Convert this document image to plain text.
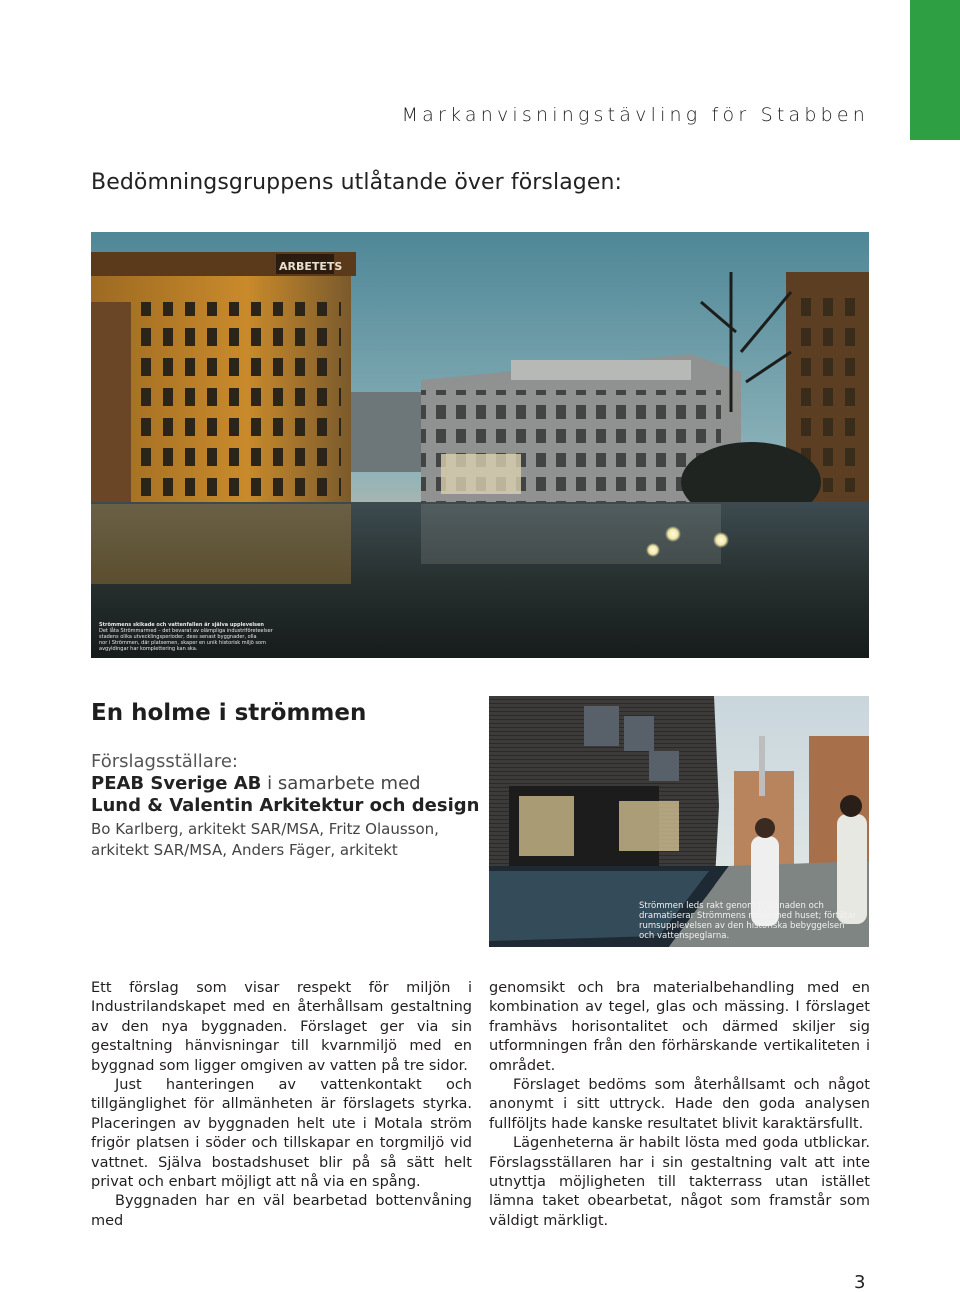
Markanvisningstävling för Stabben
Bedömningsgruppens utlåtande över förslagen:
ARBETETS
Strömmens skikade och vattenfallen är själva upplevelsen
Det låta Strömmarmed – det bevarat av olämpliga industriföreteelser
stadens olika utvecklingsperioder, dess senast byggnader, olla
nor i Strömmen, där platsemen, skaper en unik historisk miljö som
avgyldingar har komplettering kan ska.
En holme i strömmen
Förslagsställare:
PEAB Sverige AB i samarbete med
Lund & Valentin Arkitektur och design
Bo Karlberg, arkitekt SAR/MSA, Fritz Olausson, arkitekt SAR/MSA, Anders Fäger, arkitekt
Strömmen leds rakt genom byggnaden och
dramatiserar Strömmens möte med huset; förtätar
rumsupplevelsen av den historiska bebyggelsen
och vattenspeglarna.

Ett förslag som visar respekt för miljön i Industrilandskapet med en återhållsam gestaltning av den nya byggnaden. Förslaget ger via sin gestaltning hänvisningar till kvarnmiljö med en byggnad som ligger omgiven av vatten på tre sidor.

Just hanteringen av vattenkontakt och tillgänglighet för allmänheten är förslagets styrka. Placeringen av byggnaden helt ute i Motala ström frigör platsen i söder och tillskapar en torgmiljö vid vattnet. Själva bostadshuset blir på så sätt helt privat och enbart möjligt att nå via en spång.

Byggnaden har en väl bearbetad bottenvåning med

genomsikt och bra materialbehandling med en kombination av tegel, glas och mässing. I förslaget framhävs horisontalitet och därmed skiljer sig utformningen från den förhärskande vertikaliteten i området.

Förslaget bedöms som återhållsamt och något anonymt i sitt uttryck. Hade den goda analysen fullföljts hade kanske resultatet blivit karaktärsfullt.

Lägenheterna är habilt lösta med goda utblickar. Förslagsställaren har i sin gestaltning valt att inte utnyttja möjligheten till takterrass utan istället lämna taket obearbetat, något som framstår som väldigt märkligt.

3
